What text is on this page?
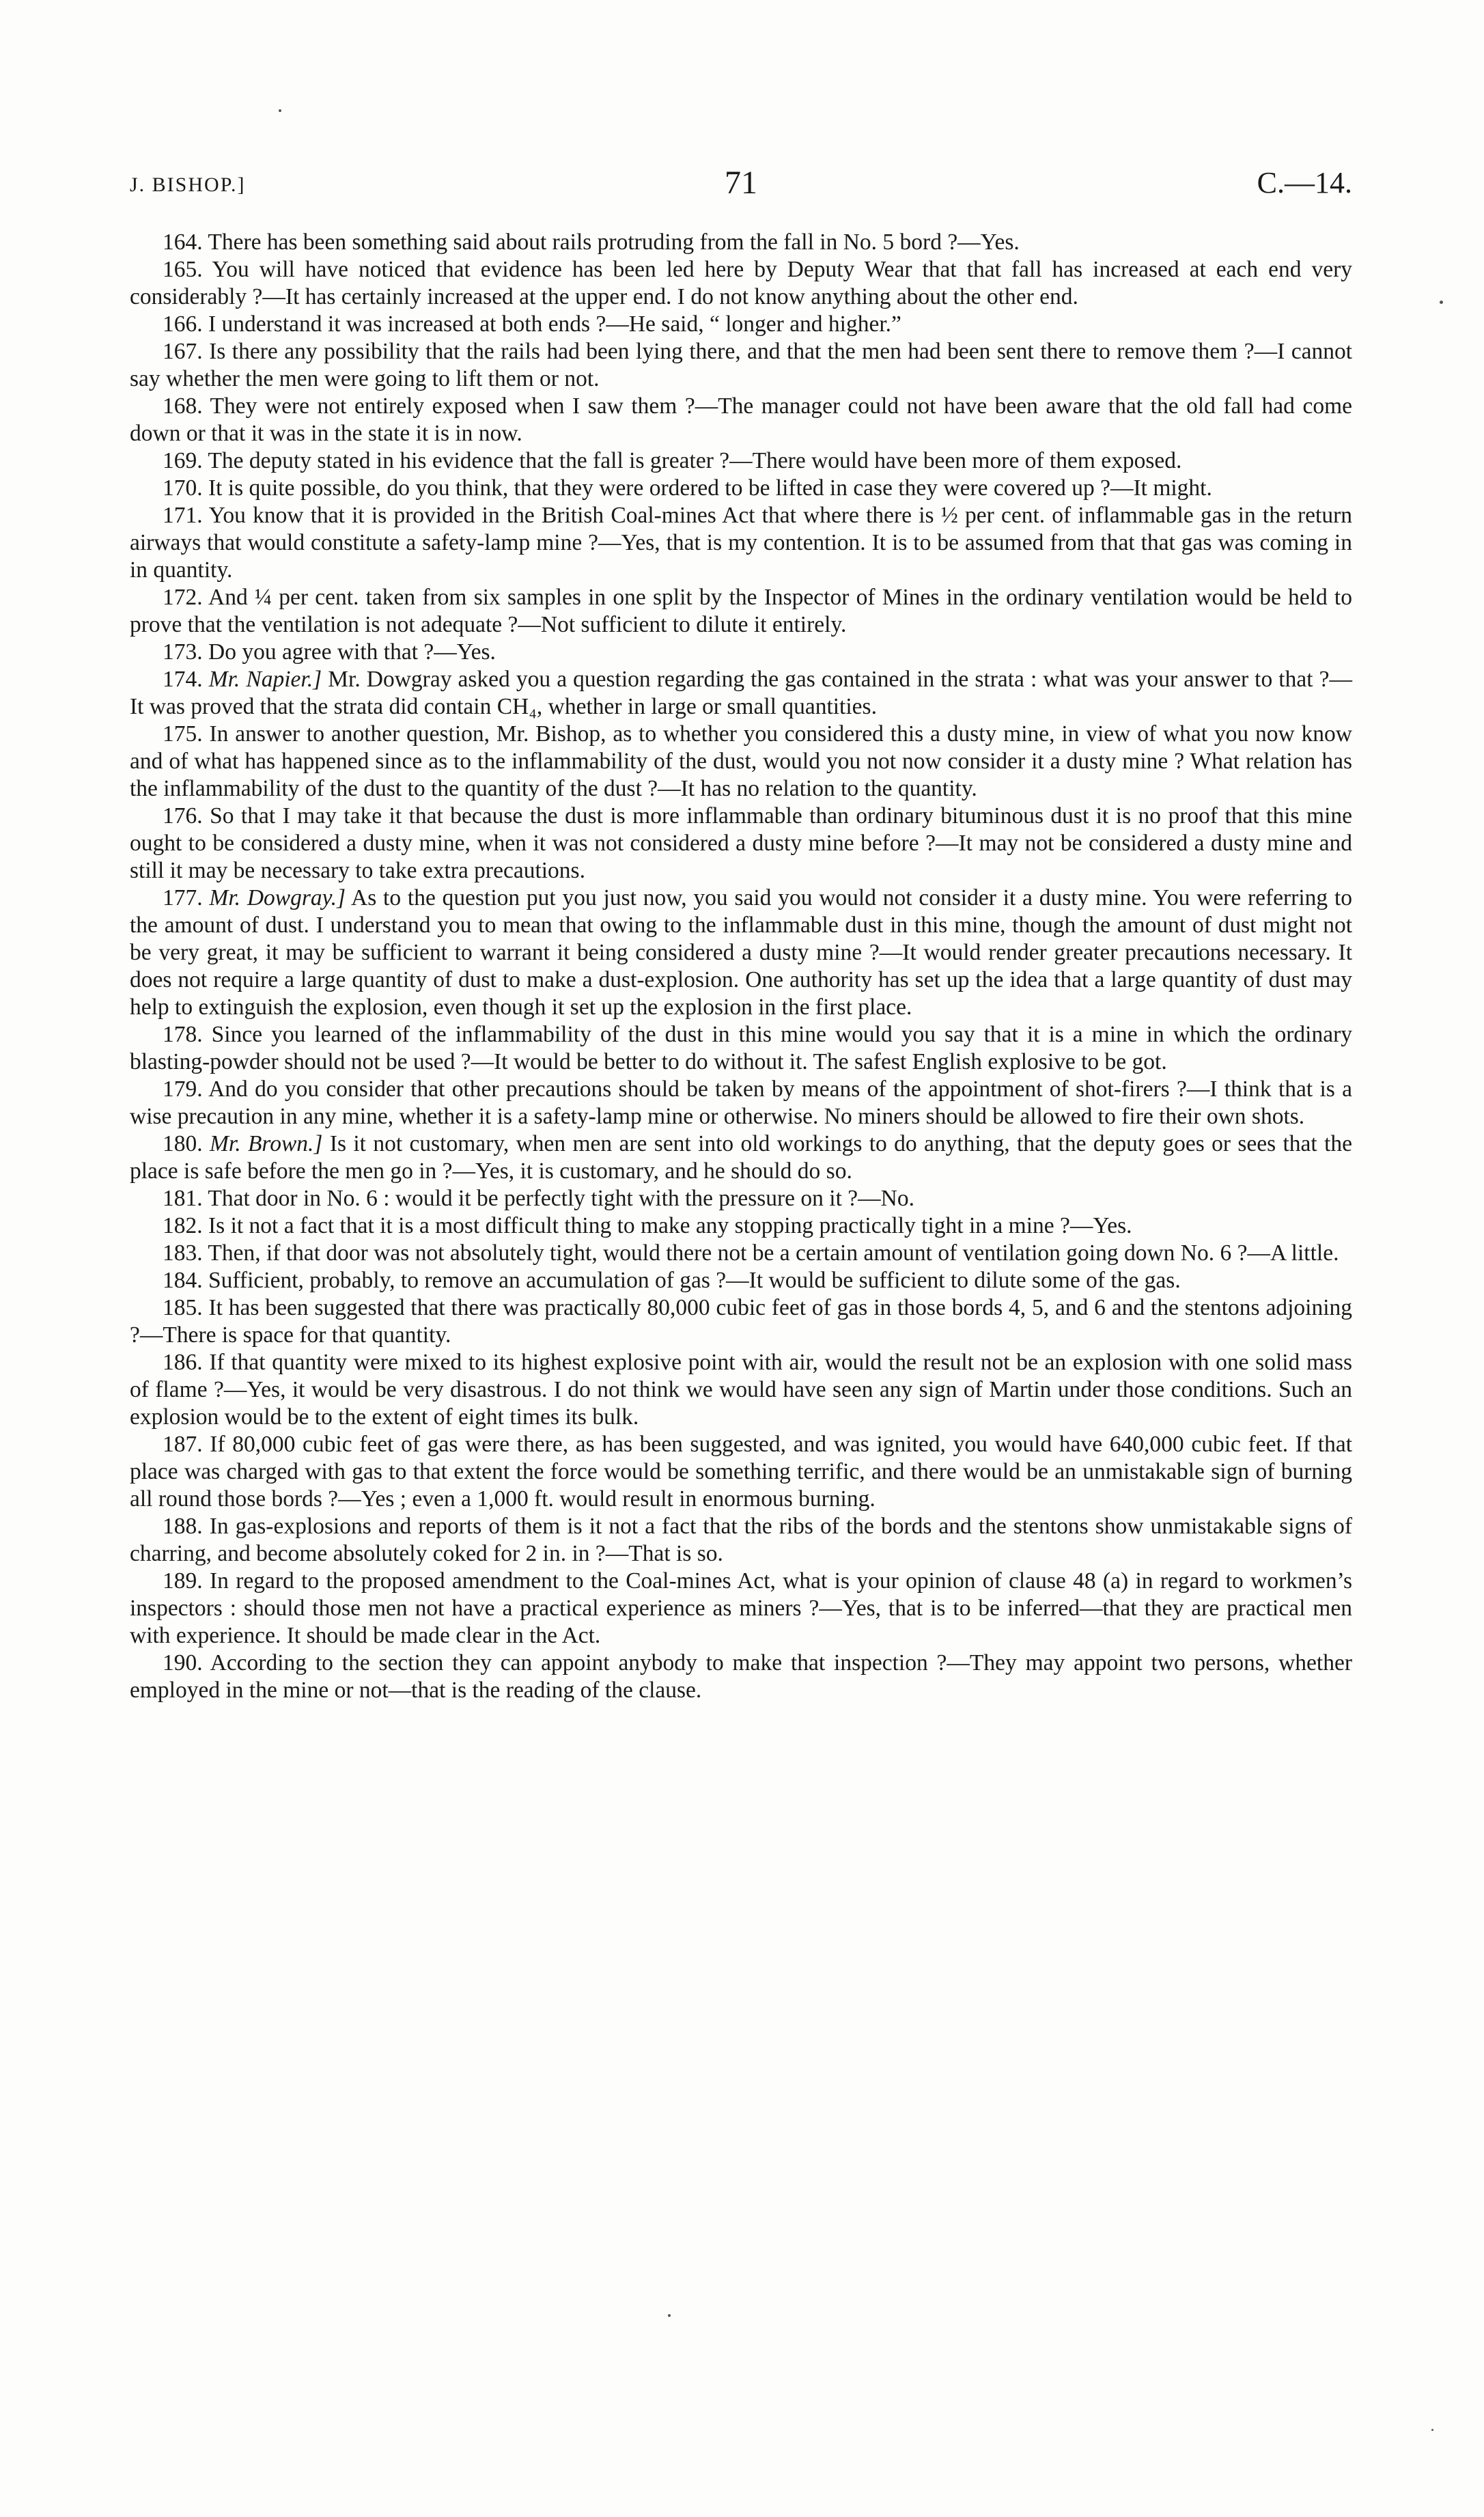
J. BISHOP.]	71	C.—14.

164. There has been something said about rails protruding from the fall in No. 5 bord ?—Yes.

165. You will have noticed that evidence has been led here by Deputy Wear that that fall has increased at each end very considerably ?—It has certainly increased at the upper end. I do not know anything about the other end.

166. I understand it was increased at both ends ?—He said, “ longer and higher.”

167. Is there any possibility that the rails had been lying there, and that the men had been sent there to remove them ?—I cannot say whether the men were going to lift them or not.

168. They were not entirely exposed when I saw them ?—The manager could not have been aware that the old fall had come down or that it was in the state it is in now.

169. The deputy stated in his evidence that the fall is greater ?—There would have been more of them exposed.

170. It is quite possible, do you think, that they were ordered to be lifted in case they were covered up ?—It might.

171. You know that it is provided in the British Coal-mines Act that where there is ½ per cent. of inflammable gas in the return airways that would constitute a safety-lamp mine ?—Yes, that is my contention. It is to be assumed from that that gas was coming in in quantity.

172. And ¼ per cent. taken from six samples in one split by the Inspector of Mines in the ordinary ventilation would be held to prove that the ventilation is not adequate ?—Not sufficient to dilute it entirely.

173. Do you agree with that ?—Yes.

174. Mr. Napier.] Mr. Dowgray asked you a question regarding the gas contained in the strata : what was your answer to that ?—It was proved that the strata did contain CH₄, whether in large or small quantities.

175. In answer to another question, Mr. Bishop, as to whether you considered this a dusty mine, in view of what you now know and of what has happened since as to the inflammability of the dust, would you not now consider it a dusty mine ? What relation has the inflammability of the dust to the quantity of the dust ?—It has no relation to the quantity.

176. So that I may take it that because the dust is more inflammable than ordinary bituminous dust it is no proof that this mine ought to be considered a dusty mine, when it was not considered a dusty mine before ?—It may not be considered a dusty mine and still it may be necessary to take extra precautions.

177. Mr. Dowgray.] As to the question put you just now, you said you would not consider it a dusty mine. You were referring to the amount of dust. I understand you to mean that owing to the inflammable dust in this mine, though the amount of dust might not be very great, it may be sufficient to warrant it being considered a dusty mine ?—It would render greater precautions necessary. It does not require a large quantity of dust to make a dust-explosion. One authority has set up the idea that a large quantity of dust may help to extinguish the explosion, even though it set up the explosion in the first place.

178. Since you learned of the inflammability of the dust in this mine would you say that it is a mine in which the ordinary blasting-powder should not be used ?—It would be better to do without it. The safest English explosive to be got.

179. And do you consider that other precautions should be taken by means of the appointment of shot-firers ?—I think that is a wise precaution in any mine, whether it is a safety-lamp mine or otherwise. No miners should be allowed to fire their own shots.

180. Mr. Brown.] Is it not customary, when men are sent into old workings to do anything, that the deputy goes or sees that the place is safe before the men go in ?—Yes, it is customary, and he should do so.

181. That door in No. 6 : would it be perfectly tight with the pressure on it ?—No.

182. Is it not a fact that it is a most difficult thing to make any stopping practically tight in a mine ?—Yes.

183. Then, if that door was not absolutely tight, would there not be a certain amount of ventilation going down No. 6 ?—A little.

184. Sufficient, probably, to remove an accumulation of gas ?—It would be sufficient to dilute some of the gas.

185. It has been suggested that there was practically 80,000 cubic feet of gas in those bords 4, 5, and 6 and the stentons adjoining ?—There is space for that quantity.

186. If that quantity were mixed to its highest explosive point with air, would the result not be an explosion with one solid mass of flame ?—Yes, it would be very disastrous. I do not think we would have seen any sign of Martin under those conditions. Such an explosion would be to the extent of eight times its bulk.

187. If 80,000 cubic feet of gas were there, as has been suggested, and was ignited, you would have 640,000 cubic feet. If that place was charged with gas to that extent the force would be something terrific, and there would be an unmistakable sign of burning all round those bords ?—Yes ; even a 1,000 ft. would result in enormous burning.

188. In gas-explosions and reports of them is it not a fact that the ribs of the bords and the stentons show unmistakable signs of charring, and become absolutely coked for 2 in. in ?—That is so.

189. In regard to the proposed amendment to the Coal-mines Act, what is your opinion of clause 48 (a) in regard to workmen’s inspectors : should those men not have a practical experience as miners ?—Yes, that is to be inferred—that they are practical men with experience. It should be made clear in the Act.

190. According to the section they can appoint anybody to make that inspection ?—They may appoint two persons, whether employed in the mine or not—that is the reading of the clause.
